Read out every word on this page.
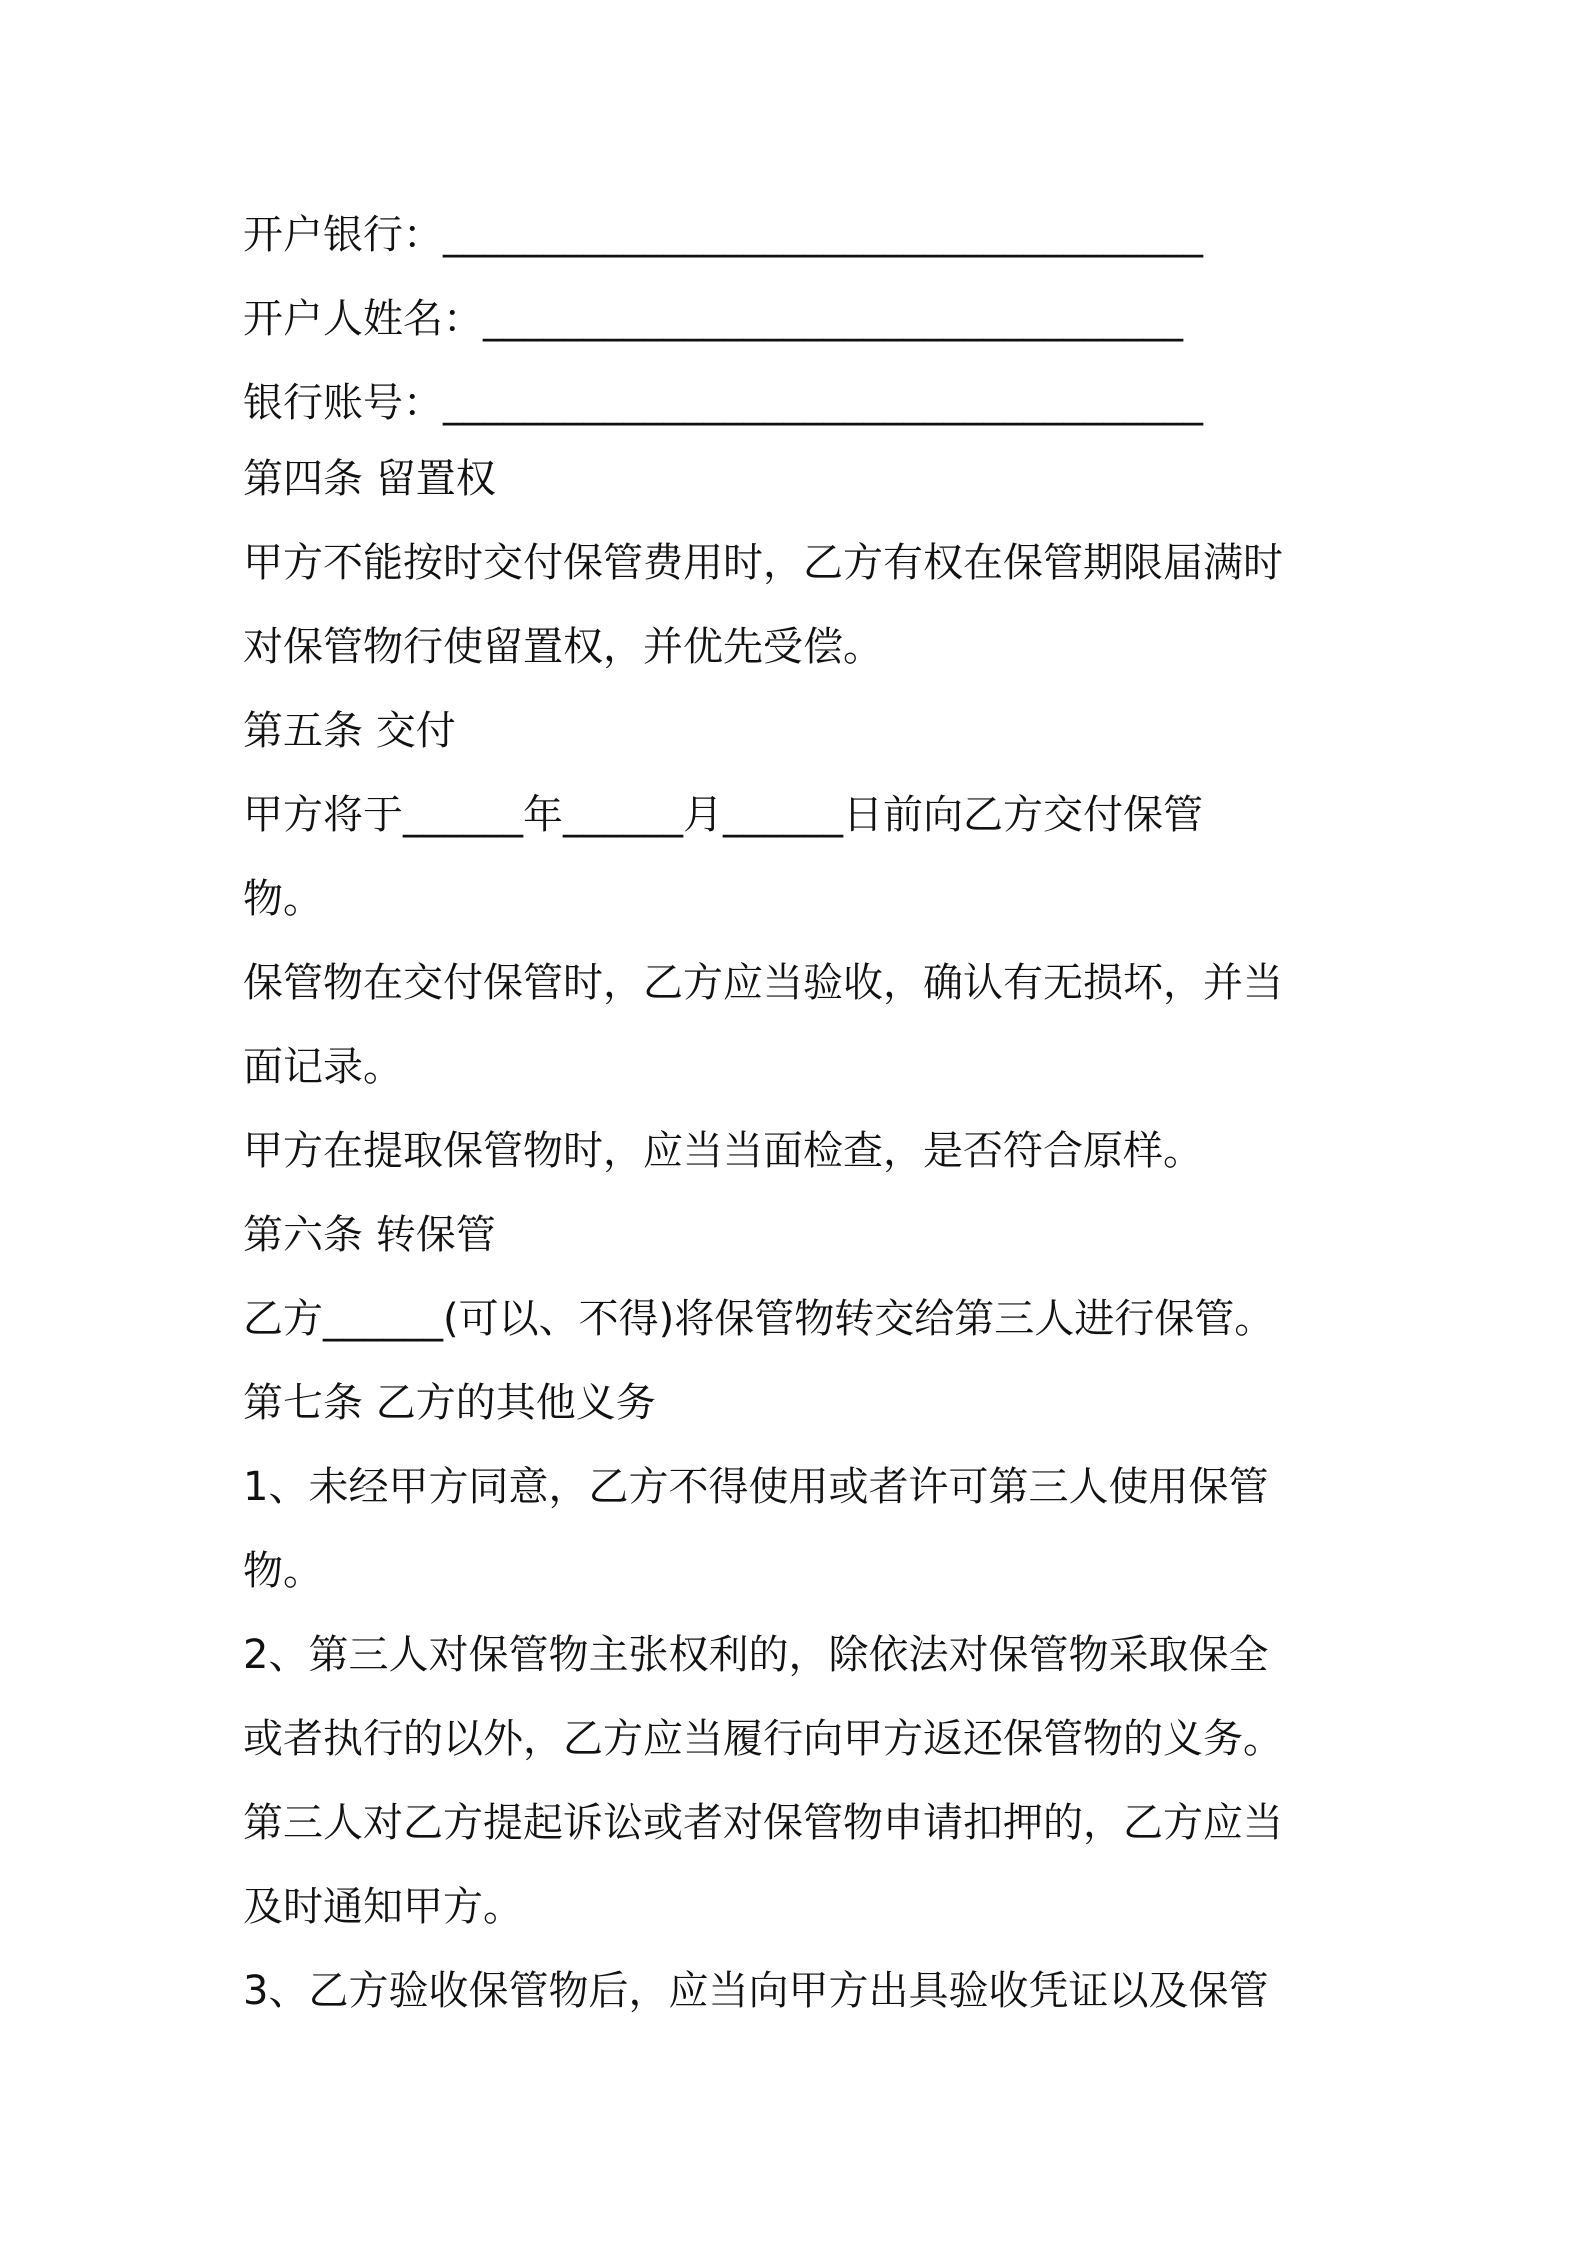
开户银行：______________________________________

开户人姓名：___________________________________

银行账号：______________________________________

第四条 留置权

甲方不能按时交付保管费用时，乙方有权在保管期限届满时

对保管物行使留置权，并优先受偿。

第五条 交付

甲方将于______年______月______日前向乙方交付保管

物。

保管物在交付保管时，乙方应当验收，确认有无损坏，并当

面记录。

甲方在提取保管物时，应当当面检查，是否符合原样。

第六条 转保管

乙方______(可以、不得)将保管物转交给第三人进行保管。

第七条 乙方的其他义务

1、未经甲方同意，乙方不得使用或者许可第三人使用保管

物。

2、第三人对保管物主张权利的，除依法对保管物采取保全

或者执行的以外，乙方应当履行向甲方返还保管物的义务。

第三人对乙方提起诉讼或者对保管物申请扣押的，乙方应当

及时通知甲方。

3、乙方验收保管物后，应当向甲方出具验收凭证以及保管
